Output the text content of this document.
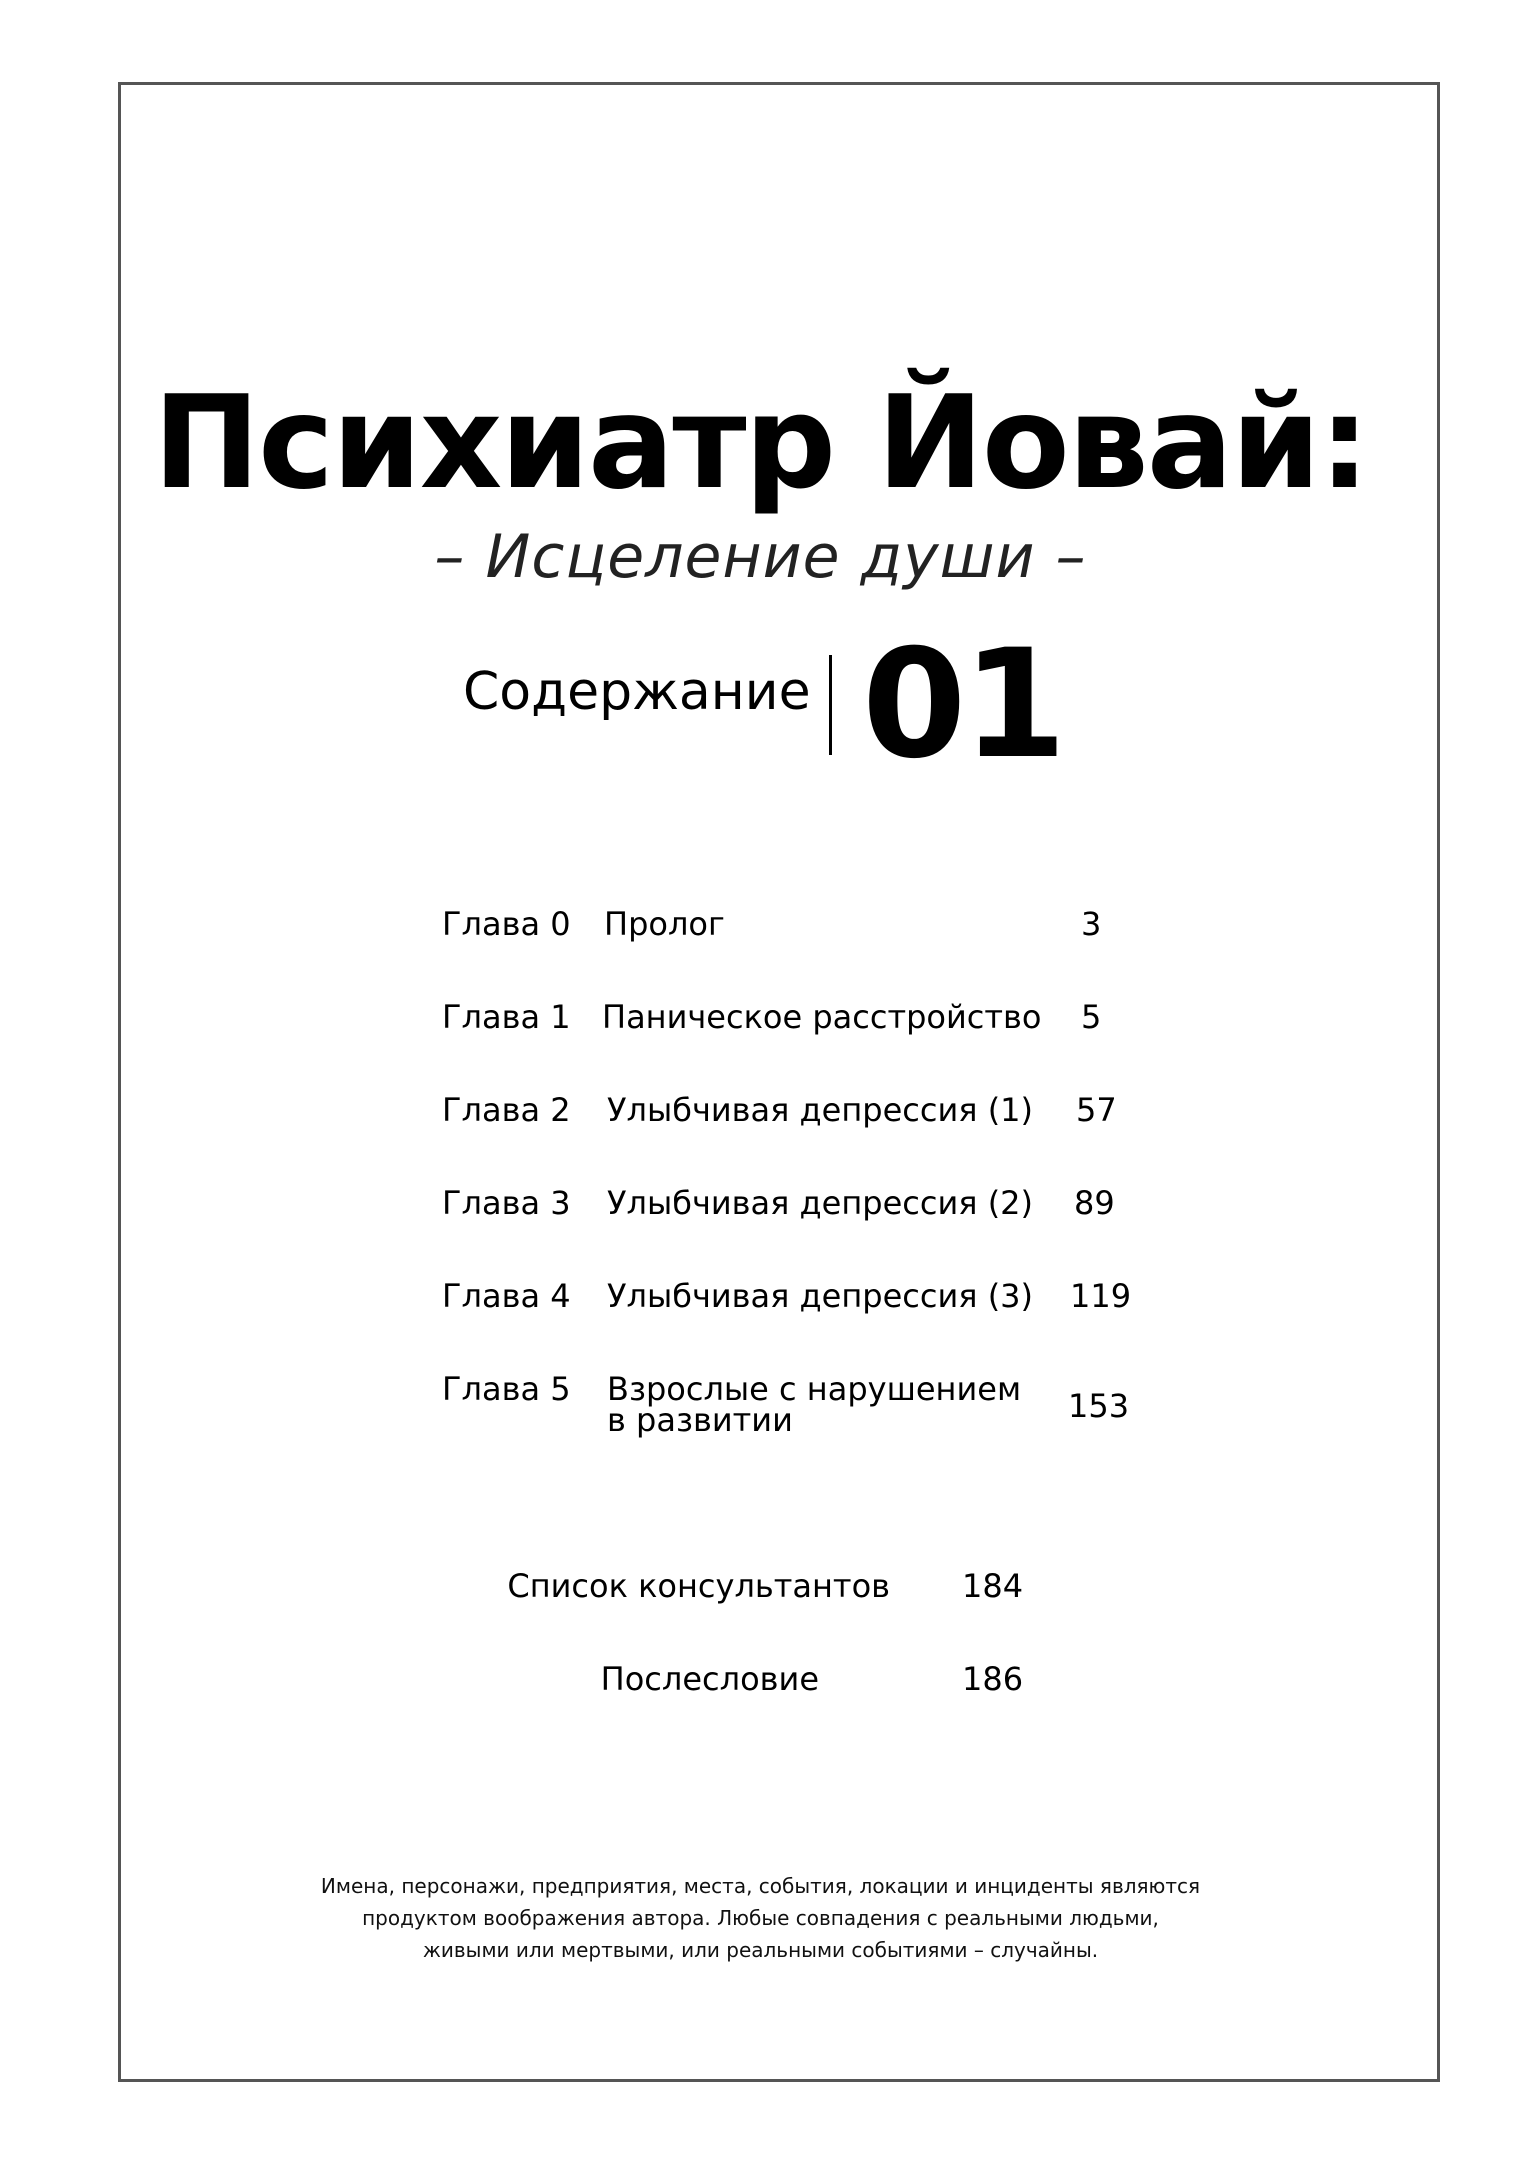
Психиатр Йовай:
– Исцеление души –
Содержание 01
Глава 0 Пролог	3
Глава 1 Паническое расстройство 5
Глава 2 Улыбчивая депрессия (1) 57
Глава 3 Улыбчивая депрессия (2) 89
Глава 4 Улыбчивая депрессия (3) 119
Глава 5 Взрослые с нарушением
в развитии	153
Список консультантов 184
Послесловие	186
Имена, персонажи, предприятия, места, события, локации и инциденты являются
продуктом воображения автора. Любые совпадения с реальными людьми,
живыми или мертвыми, или реальными событиями – случайны.
